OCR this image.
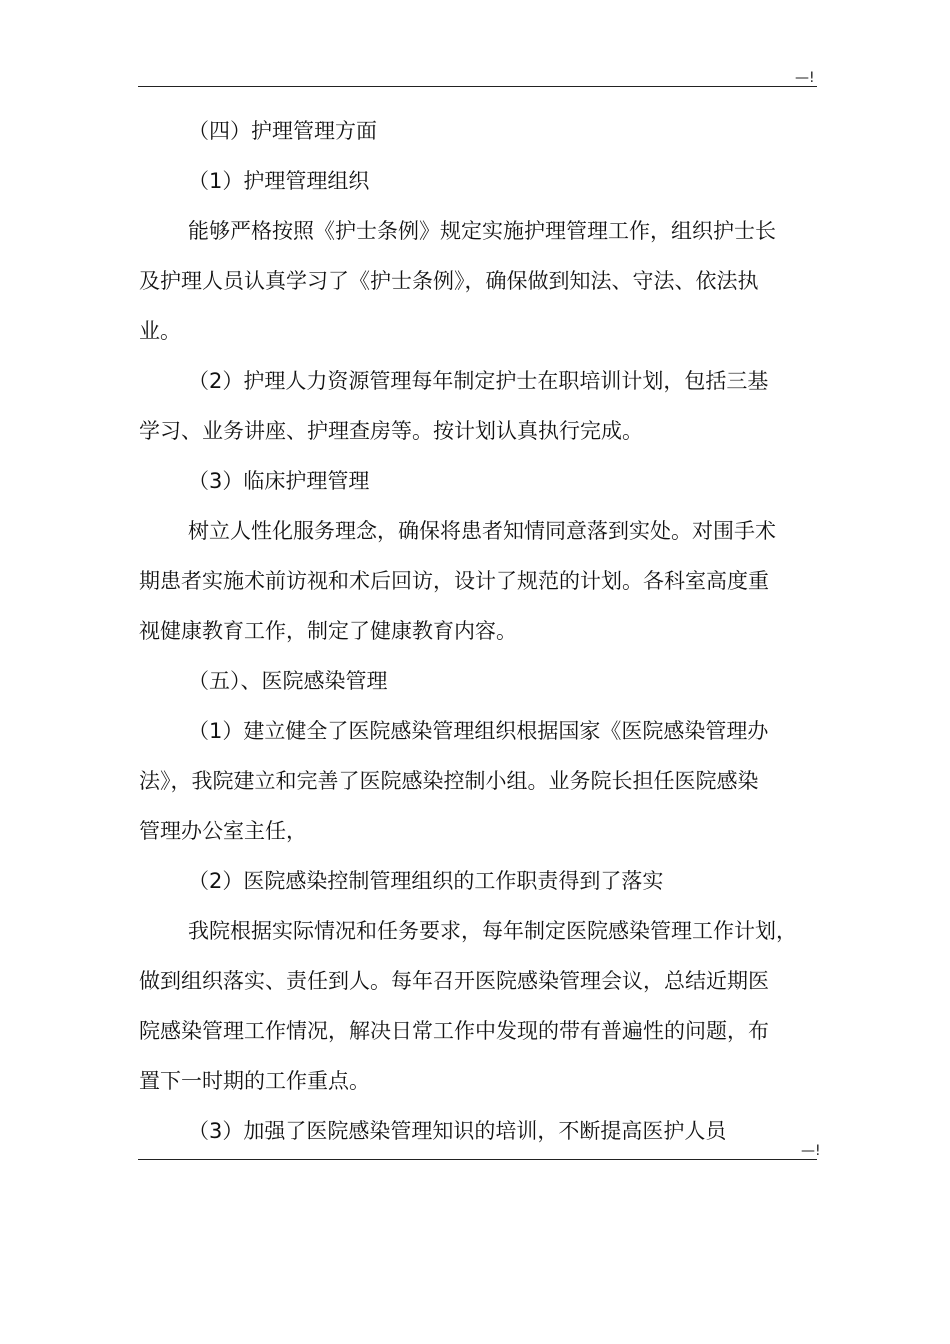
—!
（四）护理管理方面
（1）护理管理组织
能够严格按照《护士条例》规定实施护理管理工作，组织护士长
及护理人员认真学习了《护士条例》，确保做到知法、守法、依法执
业。
（2）护理人力资源管理每年制定护士在职培训计划，包括三基
学习、业务讲座、护理查房等。按计划认真执行完成。
（3）临床护理管理
树立人性化服务理念，确保将患者知情同意落到实处。对围手术
期患者实施术前访视和术后回访，设计了规范的计划。各科室高度重
视健康教育工作，制定了健康教育内容。
（五）、医院感染管理
（1）建立健全了医院感染管理组织根据国家《医院感染管理办
法》，我院建立和完善了医院感染控制小组。业务院长担任医院感染
管理办公室主任，
（2）医院感染控制管理组织的工作职责得到了落实
我院根据实际情况和任务要求，每年制定医院感染管理工作计划，
做到组织落实、责任到人。每年召开医院感染管理会议，总结近期医
院感染管理工作情况，解决日常工作中发现的带有普遍性的问题，布
置下一时期的工作重点。
（3）加强了医院感染管理知识的培训，不断提高医护人员
—!
